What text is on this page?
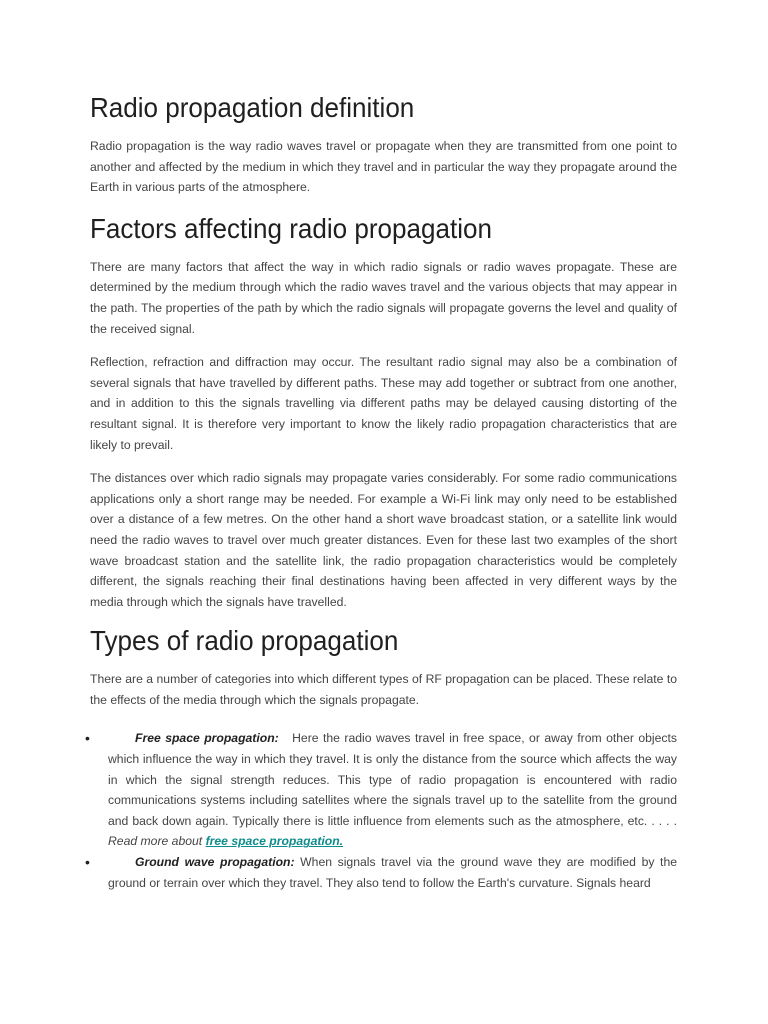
Radio propagation definition

Radio propagation is the way radio waves travel or propagate when they are transmitted from one point to another and affected by the medium in which they travel and in particular the way they propagate around the Earth in various parts of the atmosphere.

Factors affecting radio propagation

There are many factors that affect the way in which radio signals or radio waves propagate. These are determined by the medium through which the radio waves travel and the various objects that may appear in the path. The properties of the path by which the radio signals will propagate governs the level and quality of the received signal.

Reflection, refraction and diffraction may occur. The resultant radio signal may also be a combination of several signals that have travelled by different paths. These may add together or subtract from one another, and in addition to this the signals travelling via different paths may be delayed causing distorting of the resultant signal. It is therefore very important to know the likely radio propagation characteristics that are likely to prevail.

The distances over which radio signals may propagate varies considerably. For some radio communications applications only a short range may be needed. For example a Wi-Fi link may only need to be established over a distance of a few metres. On the other hand a short wave broadcast station, or a satellite link would need the radio waves to travel over much greater distances. Even for these last two examples of the short wave broadcast station and the satellite link, the radio propagation characteristics would be completely different, the signals reaching their final destinations having been affected in very different ways by the media through which the signals have travelled.

Types of radio propagation

There are a number of categories into which different types of RF propagation can be placed. These relate to the effects of the media through which the signals propagate.

•	Free space propagation: Here the radio waves travel in free space, or away from other objects which influence the way in which they travel. It is only the distance from the source which affects the way in which the signal strength reduces. This type of radio propagation is encountered with radio communications systems including satellites where the signals travel up to the satellite from the ground and back down again. Typically there is little influence from elements such as the atmosphere, etc. . . . . Read more about free space propagation.
•	Ground wave propagation: When signals travel via the ground wave they are modified by the ground or terrain over which they travel. They also tend to follow the Earth's curvature. Signals heard
